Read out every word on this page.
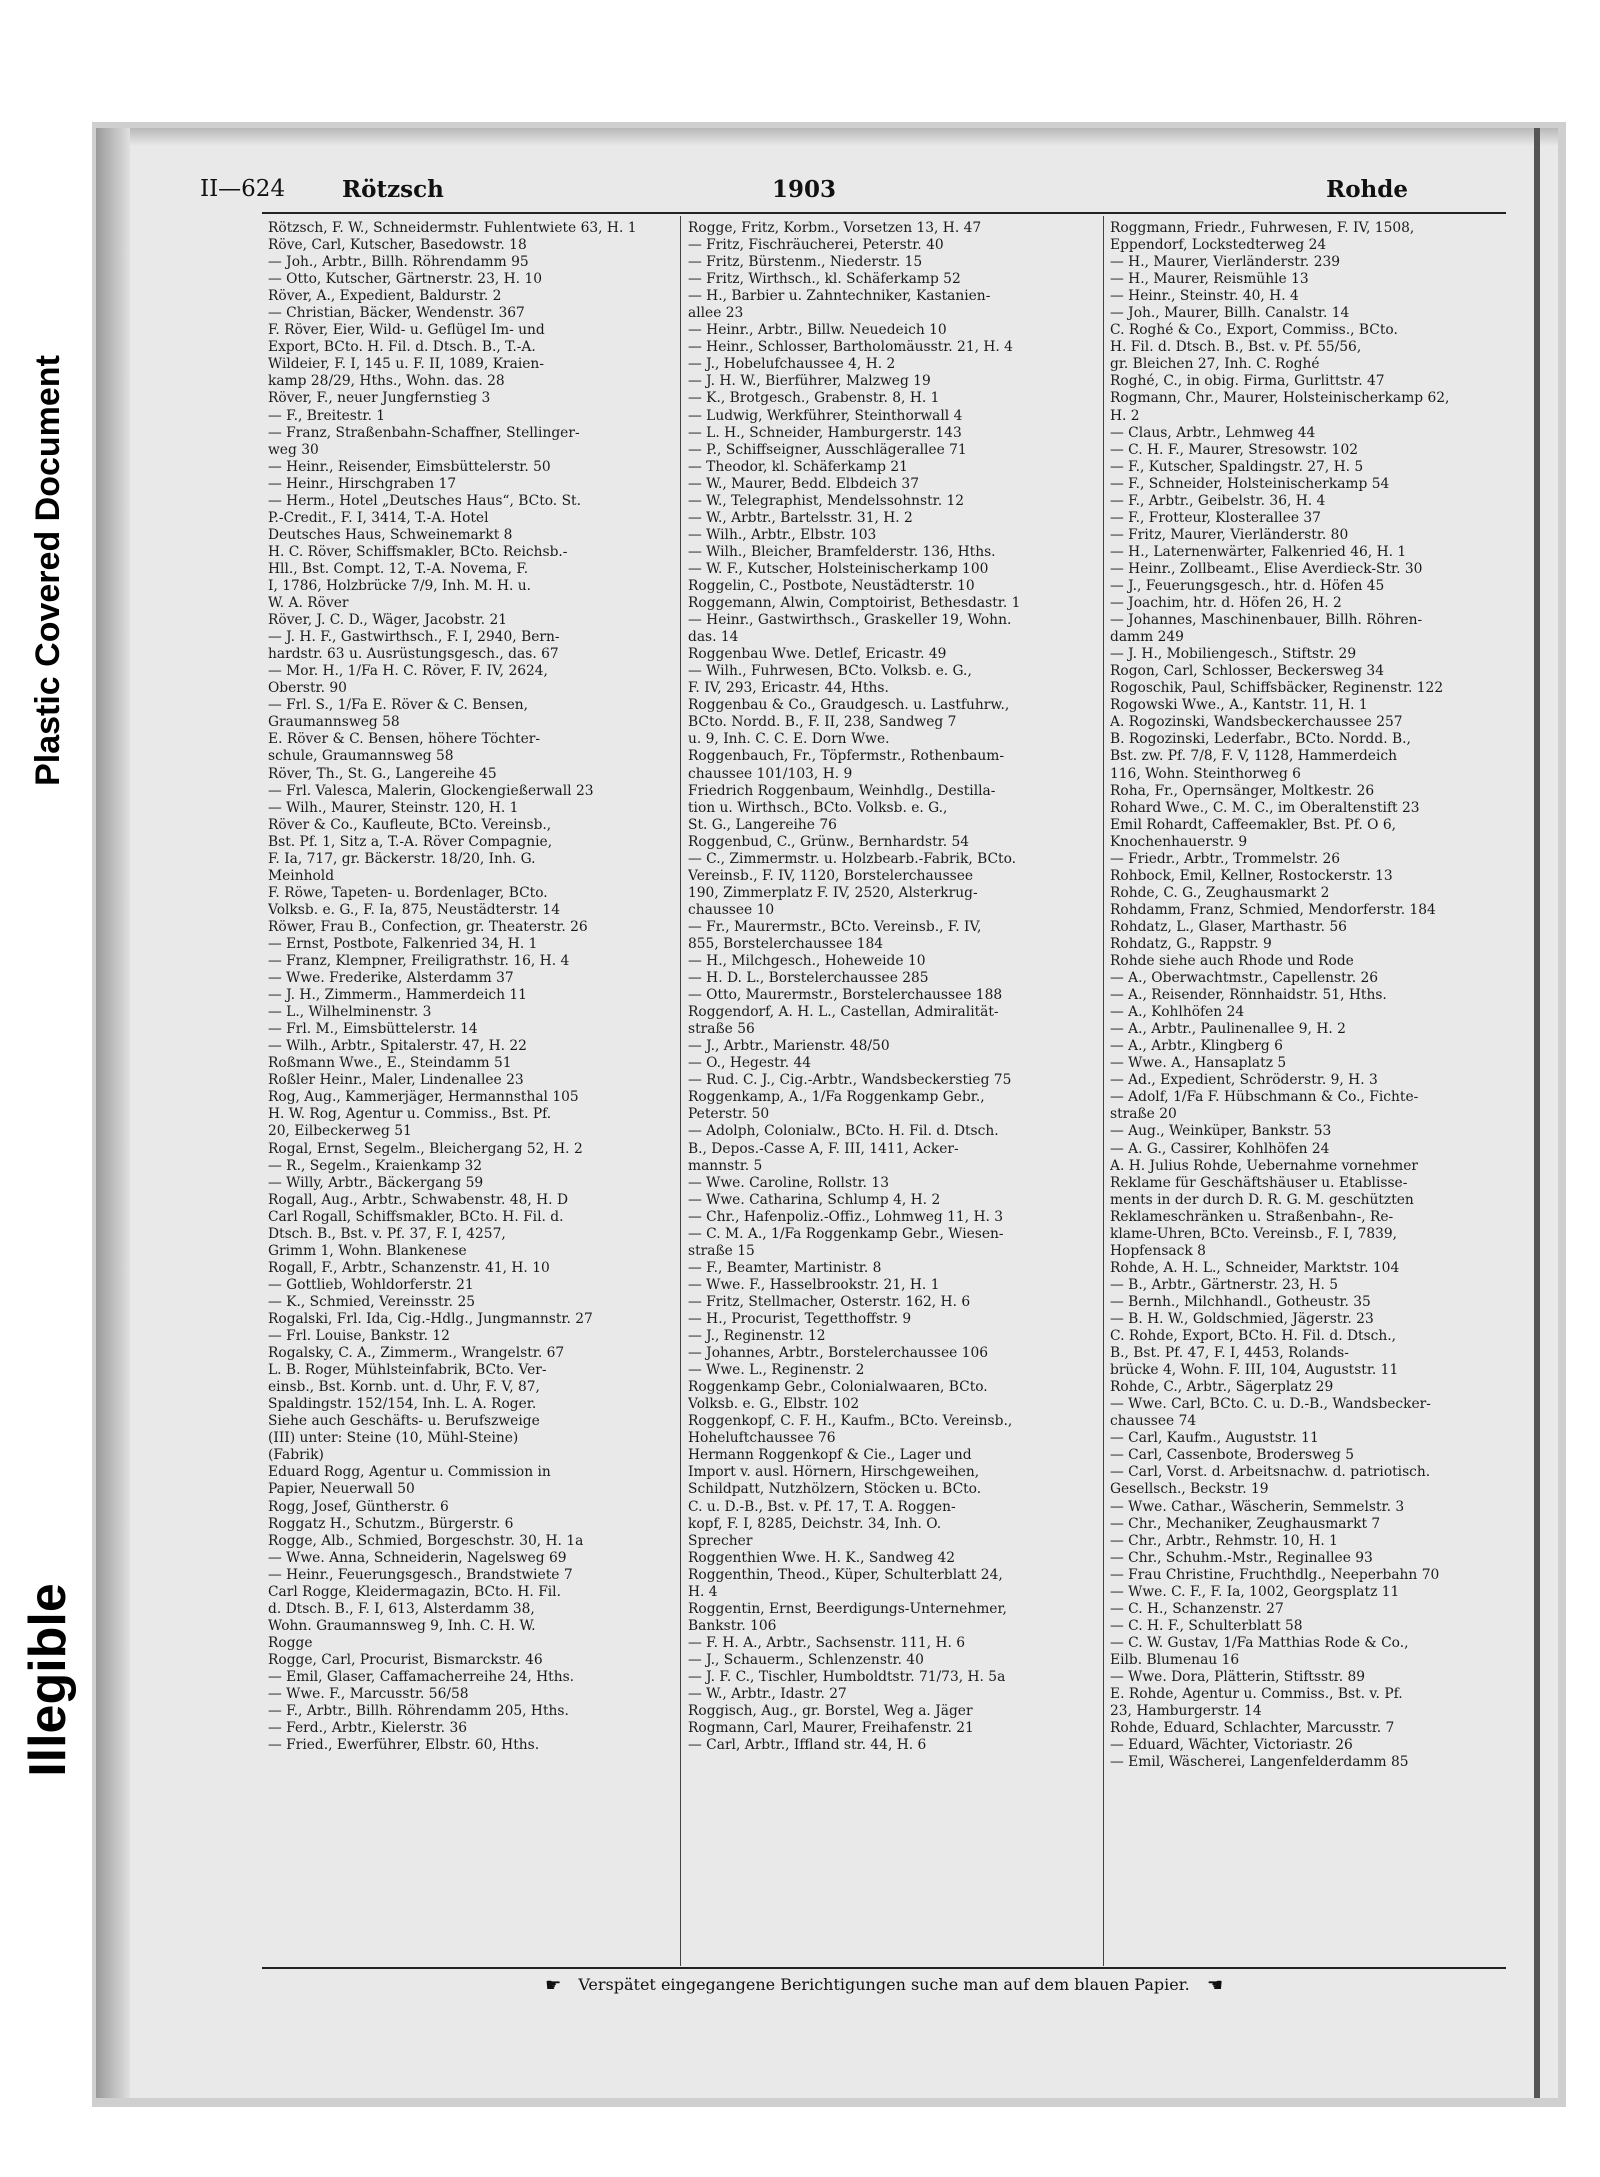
Plastic Covered Document
Illegible
1903
II—624 Rötzsch	Rohde
Rötzsch, F. W., Schneidermstr. Fuhlentwiete 63, H. 1
Röve, Carl, Kutscher, Basedowstr. 18
— Joh., Arbtr., Billh. Röhrendamm 95
— Otto, Kutscher, Gärtnerstr. 23, H. 10
Röver, A., Expedient, Baldurstr. 2
— Christian, Bäcker, Wendenstr. 367
F. Röver, Eier, Wild- u. Geflügel Im- und
Export, BCto. H. Fil. d. Dtsch. B., T.-A.
Wildeier, F. I, 145 u. F. II, 1089, Kraien-
kamp 28/29, Hths., Wohn. das. 28
Röver, F., neuer Jungfernstieg 3
— F., Breitestr. 1
— Franz, Straßenbahn-Schaffner, Stellinger-
weg 30
— Heinr., Reisender, Eimsbüttelerstr. 50
— Heinr., Hirschgraben 17
— Herm., Hotel „Deutsches Haus“, BCto. St.
P.-Credit., F. I, 3414, T.-A. Hotel
Deutsches Haus, Schweinemarkt 8
H. C. Röver, Schiffsmakler, BCto. Reichsb.-
Hll., Bst. Compt. 12, T.-A. Novema, F.
I, 1786, Holzbrücke 7/9, Inh. M. H. u.
W. A. Röver
Röver, J. C. D., Wäger, Jacobstr. 21
— J. H. F., Gastwirthsch., F. I, 2940, Bern-
hardstr. 63 u. Ausrüstungsgesch., das. 67
— Mor. H., 1/Fa H. C. Röver, F. IV, 2624,
Oberstr. 90
— Frl. S., 1/Fa E. Röver & C. Bensen,
Graumannsweg 58
E. Röver & C. Bensen, höhere Töchter-
schule, Graumannsweg 58
Röver, Th., St. G., Langereihe 45
— Frl. Valesca, Malerin, Glockengießerwall 23
— Wilh., Maurer, Steinstr. 120, H. 1
Röver & Co., Kaufleute, BCto. Vereinsb.,
Bst. Pf. 1, Sitz a, T.-A. Röver Compagnie,
F. Ia, 717, gr. Bäckerstr. 18/20, Inh. G.
Meinhold
F. Röwe, Tapeten- u. Bordenlager, BCto.
Volksb. e. G., F. Ia, 875, Neustädterstr. 14
Röwer, Frau B., Confection, gr. Theaterstr. 26
— Ernst, Postbote, Falkenried 34, H. 1
— Franz, Klempner, Freiligrathstr. 16, H. 4
— Wwe. Frederike, Alsterdamm 37
— J. H., Zimmerm., Hammerdeich 11
— L., Wilhelminenstr. 3
— Frl. M., Eimsbüttelerstr. 14
— Wilh., Arbtr., Spitalerstr. 47, H. 22
Roßmann Wwe., E., Steindamm 51
Roßler Heinr., Maler, Lindenallee 23
Rog, Aug., Kammerjäger, Hermannsthal 105
H. W. Rog, Agentur u. Commiss., Bst. Pf.
20, Eilbeckerweg 51
Rogal, Ernst, Segelm., Bleichergang 52, H. 2
— R., Segelm., Kraienkamp 32
— Willy, Arbtr., Bäckergang 59
Rogall, Aug., Arbtr., Schwabenstr. 48, H. D
Carl Rogall, Schiffsmakler, BCto. H. Fil. d.
Dtsch. B., Bst. v. Pf. 37, F. I, 4257,
Grimm 1, Wohn. Blankenese
Rogall, F., Arbtr., Schanzenstr. 41, H. 10
— Gottlieb, Wohldorferstr. 21
— K., Schmied, Vereinsstr. 25
Rogalski, Frl. Ida, Cig.-Hdlg., Jungmannstr. 27
— Frl. Louise, Bankstr. 12
Rogalsky, C. A., Zimmerm., Wrangelstr. 67
L. B. Roger, Mühlsteinfabrik, BCto. Ver-
einsb., Bst. Kornb. unt. d. Uhr, F. V, 87,
Spaldingstr. 152/154, Inh. L. A. Roger.
Siehe auch Geschäfts- u. Berufszweige
(III) unter: Steine (10, Mühl-Steine)
(Fabrik)
Eduard Rogg, Agentur u. Commission in
Papier, Neuerwall 50
Rogg, Josef, Güntherstr. 6
Roggatz H., Schutzm., Bürgerstr. 6
Rogge, Alb., Schmied, Borgeschstr. 30, H. 1a
— Wwe. Anna, Schneiderin, Nagelsweg 69
— Heinr., Feuerungsgesch., Brandstwiete 7
Carl Rogge, Kleidermagazin, BCto. H. Fil.
d. Dtsch. B., F. I, 613, Alsterdamm 38,
Wohn. Graumannsweg 9, Inh. C. H. W.
Rogge
Rogge, Carl, Procurist, Bismarckstr. 46
— Emil, Glaser, Caffamacherreihe 24, Hths.
— Wwe. F., Marcusstr. 56/58
— F., Arbtr., Billh. Röhrendamm 205, Hths.
— Ferd., Arbtr., Kielerstr. 36
— Fried., Ewerführer, Elbstr. 60, Hths.
Rogge, Fritz, Korbm., Vorsetzen 13, H. 47
— Fritz, Fischräucherei, Peterstr. 40
— Fritz, Bürstenm., Niederstr. 15
— Fritz, Wirthsch., kl. Schäferkamp 52
— H., Barbier u. Zahntechniker, Kastanien-
allee 23
— Heinr., Arbtr., Billw. Neuedeich 10
— Heinr., Schlosser, Bartholomäusstr. 21, H. 4
— J., Hobelufchaussee 4, H. 2
— J. H. W., Bierführer, Malzweg 19
— K., Brotgesch., Grabenstr. 8, H. 1
— Ludwig, Werkführer, Steinthorwall 4
— L. H., Schneider, Hamburgerstr. 143
— P., Schiffseigner, Ausschlägerallee 71
— Theodor, kl. Schäferkamp 21
— W., Maurer, Bedd. Elbdeich 37
— W., Telegraphist, Mendelssohnstr. 12
— W., Arbtr., Bartelsstr. 31, H. 2
— Wilh., Arbtr., Elbstr. 103
— Wilh., Bleicher, Bramfelderstr. 136, Hths.
— W. F., Kutscher, Holsteinischerkamp 100
Roggelin, C., Postbote, Neustädterstr. 10
Roggemann, Alwin, Comptoirist, Bethesdastr. 1
— Heinr., Gastwirthsch., Graskeller 19, Wohn.
das. 14
Roggenbau Wwe. Detlef, Ericastr. 49
— Wilh., Fuhrwesen, BCto. Volksb. e. G.,
F. IV, 293, Ericastr. 44, Hths.
Roggenbau & Co., Graudgesch. u. Lastfuhrw.,
BCto. Nordd. B., F. II, 238, Sandweg 7
u. 9, Inh. C. C. E. Dorn Wwe.
Roggenbauch, Fr., Töpfermstr., Rothenbaum-
chaussee 101/103, H. 9
Friedrich Roggenbaum, Weinhdlg., Destilla-
tion u. Wirthsch., BCto. Volksb. e. G.,
St. G., Langereihe 76
Roggenbud, C., Grünw., Bernhardstr. 54
— C., Zimmermstr. u. Holzbearb.-Fabrik, BCto.
Vereinsb., F. IV, 1120, Borstelerchaussee
190, Zimmerplatz F. IV, 2520, Alsterkrug-
chaussee 10
— Fr., Maurermstr., BCto. Vereinsb., F. IV,
855, Borstelerchaussee 184
— H., Milchgesch., Hoheweide 10
— H. D. L., Borstelerchaussee 285
— Otto, Maurermstr., Borstelerchaussee 188
Roggendorf, A. H. L., Castellan, Admiralität-
straße 56
— J., Arbtr., Marienstr. 48/50
— O., Hegestr. 44
— Rud. C. J., Cig.-Arbtr., Wandsbeckerstieg 75
Roggenkamp, A., 1/Fa Roggenkamp Gebr.,
Peterstr. 50
— Adolph, Colonialw., BCto. H. Fil. d. Dtsch.
B., Depos.-Casse A, F. III, 1411, Acker-
mannstr. 5
— Wwe. Caroline, Rollstr. 13
— Wwe. Catharina, Schlump 4, H. 2
— Chr., Hafenpoliz.-Offiz., Lohmweg 11, H. 3
— C. M. A., 1/Fa Roggenkamp Gebr., Wiesen-
straße 15
— F., Beamter, Martinistr. 8
— Wwe. F., Hasselbrookstr. 21, H. 1
— Fritz, Stellmacher, Osterstr. 162, H. 6
— H., Procurist, Tegetthoffstr. 9
— J., Reginenstr. 12
— Johannes, Arbtr., Borstelerchaussee 106
— Wwe. L., Reginenstr. 2
Roggenkamp Gebr., Colonialwaaren, BCto.
Volksb. e. G., Elbstr. 102
Roggenkopf, C. F. H., Kaufm., BCto. Vereinsb.,
Hoheluftchaussee 76
Hermann Roggenkopf & Cie., Lager und
Import v. ausl. Hörnern, Hirschgeweihen,
Schildpatt, Nutzhölzern, Stöcken u. BCto.
C. u. D.-B., Bst. v. Pf. 17, T. A. Roggen-
kopf, F. I, 8285, Deichstr. 34, Inh. O.
Sprecher
Roggenthien Wwe. H. K., Sandweg 42
Roggenthin, Theod., Küper, Schulterblatt 24,
H. 4
Roggentin, Ernst, Beerdigungs-Unternehmer,
Bankstr. 106
— F. H. A., Arbtr., Sachsenstr. 111, H. 6
— J., Schauerm., Schlenzenstr. 40
— J. F. C., Tischler, Humboldtstr. 71/73, H. 5a
— W., Arbtr., Idastr. 27
Roggisch, Aug., gr. Borstel, Weg a. Jäger
Rogmann, Carl, Maurer, Freihafenstr. 21
— Carl, Arbtr., Iffland str. 44, H. 6
Roggmann, Friedr., Fuhrwesen, F. IV, 1508,
Eppendorf, Lockstedterweg 24
— H., Maurer, Vierländerstr. 239
— H., Maurer, Reismühle 13
— Heinr., Steinstr. 40, H. 4
— Joh., Maurer, Billh. Canalstr. 14
C. Roghé & Co., Export, Commiss., BCto.
H. Fil. d. Dtsch. B., Bst. v. Pf. 55/56,
gr. Bleichen 27, Inh. C. Roghé
Roghé, C., in obig. Firma, Gurlittstr. 47
Rogmann, Chr., Maurer, Holsteinischerkamp 62,
H. 2
— Claus, Arbtr., Lehmweg 44
— C. H. F., Maurer, Stresowstr. 102
— F., Kutscher, Spaldingstr. 27, H. 5
— F., Schneider, Holsteinischerkamp 54
— F., Arbtr., Geibelstr. 36, H. 4
— F., Frotteur, Klosterallee 37
— Fritz, Maurer, Vierländerstr. 80
— H., Laternenwärter, Falkenried 46, H. 1
— Heinr., Zollbeamt., Elise Averdieck-Str. 30
— J., Feuerungsgesch., htr. d. Höfen 45
— Joachim, htr. d. Höfen 26, H. 2
— Johannes, Maschinenbauer, Billh. Röhren-
damm 249
— J. H., Mobiliengesch., Stiftstr. 29
Rogon, Carl, Schlosser, Beckersweg 34
Rogoschik, Paul, Schiffsbäcker, Reginenstr. 122
Rogowski Wwe., A., Kantstr. 11, H. 1
A. Rogozinski, Wandsbeckerchaussee 257
B. Rogozinski, Lederfabr., BCto. Nordd. B.,
Bst. zw. Pf. 7/8, F. V, 1128, Hammerdeich
116, Wohn. Steinthorweg 6
Roha, Fr., Opernsänger, Moltkestr. 26
Rohard Wwe., C. M. C., im Oberaltenstift 23
Emil Rohardt, Caffeemakler, Bst. Pf. O 6,
Knochenhauerstr. 9
— Friedr., Arbtr., Trommelstr. 26
Rohbock, Emil, Kellner, Rostockerstr. 13
Rohde, C. G., Zeughausmarkt 2
Rohdamm, Franz, Schmied, Mendorferstr. 184
Rohdatz, L., Glaser, Marthastr. 56
Rohdatz, G., Rappstr. 9
Rohde siehe auch Rhode und Rode
— A., Oberwachtmstr., Capellenstr. 26
— A., Reisender, Rönnhaidstr. 51, Hths.
— A., Kohlhöfen 24
— A., Arbtr., Paulinenallee 9, H. 2
— A., Arbtr., Klingberg 6
— Wwe. A., Hansaplatz 5
— Ad., Expedient, Schröderstr. 9, H. 3
— Adolf, 1/Fa F. Hübschmann & Co., Fichte-
straße 20
— Aug., Weinküper, Bankstr. 53
— A. G., Cassirer, Kohlhöfen 24
A. H. Julius Rohde, Uebernahme vornehmer
Reklame für Geschäftshäuser u. Etablisse-
ments in der durch D. R. G. M. geschützten
Reklameschränken u. Straßenbahn-, Re-
klame-Uhren, BCto. Vereinsb., F. I, 7839,
Hopfensack 8
Rohde, A. H. L., Schneider, Marktstr. 104
— B., Arbtr., Gärtnerstr. 23, H. 5
— Bernh., Milchhandl., Gotheustr. 35
— B. H. W., Goldschmied, Jägerstr. 23
C. Rohde, Export, BCto. H. Fil. d. Dtsch.,
B., Bst. Pf. 47, F. I, 4453, Rolands-
brücke 4, Wohn. F. III, 104, Auguststr. 11
Rohde, C., Arbtr., Sägerplatz 29
— Wwe. Carl, BCto. C. u. D.-B., Wandsbecker-
chaussee 74
— Carl, Kaufm., Auguststr. 11
— Carl, Cassenbote, Brodersweg 5
— Carl, Vorst. d. Arbeitsnachw. d. patriotisch.
Gesellsch., Beckstr. 19
— Wwe. Cathar., Wäscherin, Semmelstr. 3
— Chr., Mechaniker, Zeughausmarkt 7
— Chr., Arbtr., Rehmstr. 10, H. 1
— Chr., Schuhm.-Mstr., Reginallee 93
— Frau Christine, Fruchthdlg., Neeperbahn 70
— Wwe. C. F., F. Ia, 1002, Georgsplatz 11
— C. H., Schanzenstr. 27
— C. H. F., Schulterblatt 58
— C. W. Gustav, 1/Fa Matthias Rode & Co.,
Eilb. Blumenau 16
— Wwe. Dora, Plätterin, Stiftsstr. 89
E. Rohde, Agentur u. Commiss., Bst. v. Pf.
23, Hamburgerstr. 14
Rohde, Eduard, Schlachter, Marcusstr. 7
— Eduard, Wächter, Victoriastr. 26
— Emil, Wäscherei, Langenfelderdamm 85
☛ Verspätet eingegangene Berichtigungen suche man auf dem blauen Papier. ☛
